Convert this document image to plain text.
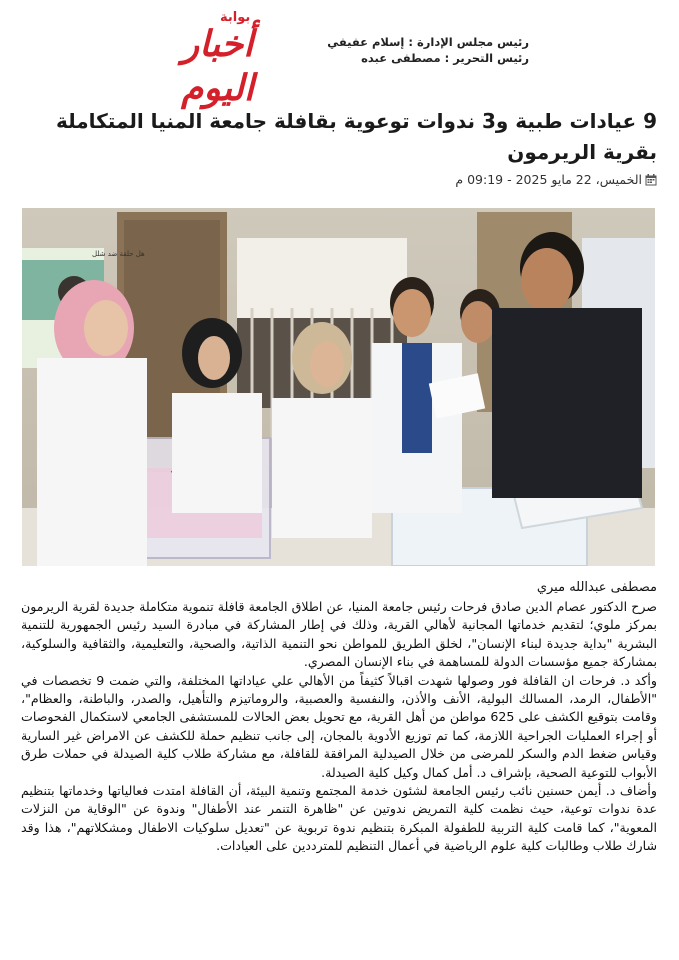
بوابة
أخبار اليوم
رئيس مجلس الإدارة : إسلام عفيفي
رئيس التحرير : مصطفى عبده
9 عيادات طبية و3 ندوات توعوية بقافلة جامعة المنيا المتكاملة بقرية الريرمون
الخميس، 22 مايو 2025 - 09:19 م
هل حلقة ضد شلل
مصطفى عبدالله ميري

صرح الدكتور عصام الدين صادق فرحات رئيس جامعة المنيا، عن اطلاق الجامعة قافلة تنموية متكاملة جديدة لقرية الريرمون بمركز ملوي؛ لتقديم خدماتها المجانية لأهالي القرية، وذلك في إطار المشاركة في مبادرة السيد رئيس الجمهورية للتنمية البشرية "بداية جديدة لبناء الإنسان"، لخلق الطريق للمواطن نحو التنمية الذاتية، والصحية، والتعليمية، والثقافية والسلوكية، بمشاركة جميع مؤسسات الدولة للمساهمة في بناء الإنسان المصري.

وأكد د. فرحات ان القافلة فور وصولها شهدت اقبالاً كثيفاً من الأهالي علي عياداتها المختلفة، والتي ضمت 9 تخصصات في "الأطفال، الرمد، المسالك البولية، الأنف والأذن، والنفسية والعصبية، والروماتيزم والتأهيل، والصدر، والباطنة، والعظام"، وقامت بتوقيع الكشف على 625 مواطن من أهل القرية، مع تحويل بعض الحالات للمستشفى الجامعي لاستكمال الفحوصات أو إجراء العمليات الجراحية اللازمة، كما تم توزيع الأدوية بالمجان، إلى جانب تنظيم حملة للكشف عن الامراض غير السارية وقياس ضغط الدم والسكر للمرضى من خلال الصيدلية المرافقة للقافلة، مع مشاركة طلاب كلية الصيدلة في حملات طرق الأبواب للتوعية الصحية، بإشراف د. أمل كمال وكيل كلية الصيدلة.

وأضاف د. أيمن حسنين نائب رئيس الجامعة لشئون خدمة المجتمع وتنمية البيئة، أن القافلة امتدت فعالياتها وخدماتها بتنظيم عدة ندوات توعية، حيث نظمت كلية التمريض ندوتين عن "ظاهرة التنمر عند الأطفال" وندوة عن "الوقاية من النزلات المعوية"، كما قامت كلية التربية للطفولة المبكرة بتنظيم ندوة تربوية عن "تعديل سلوكيات الاطفال ومشكلاتهم"، هذا وقد شارك طلاب وطالبات كلية علوم الرياضية في أعمال التنظيم للمترددين على العيادات.
